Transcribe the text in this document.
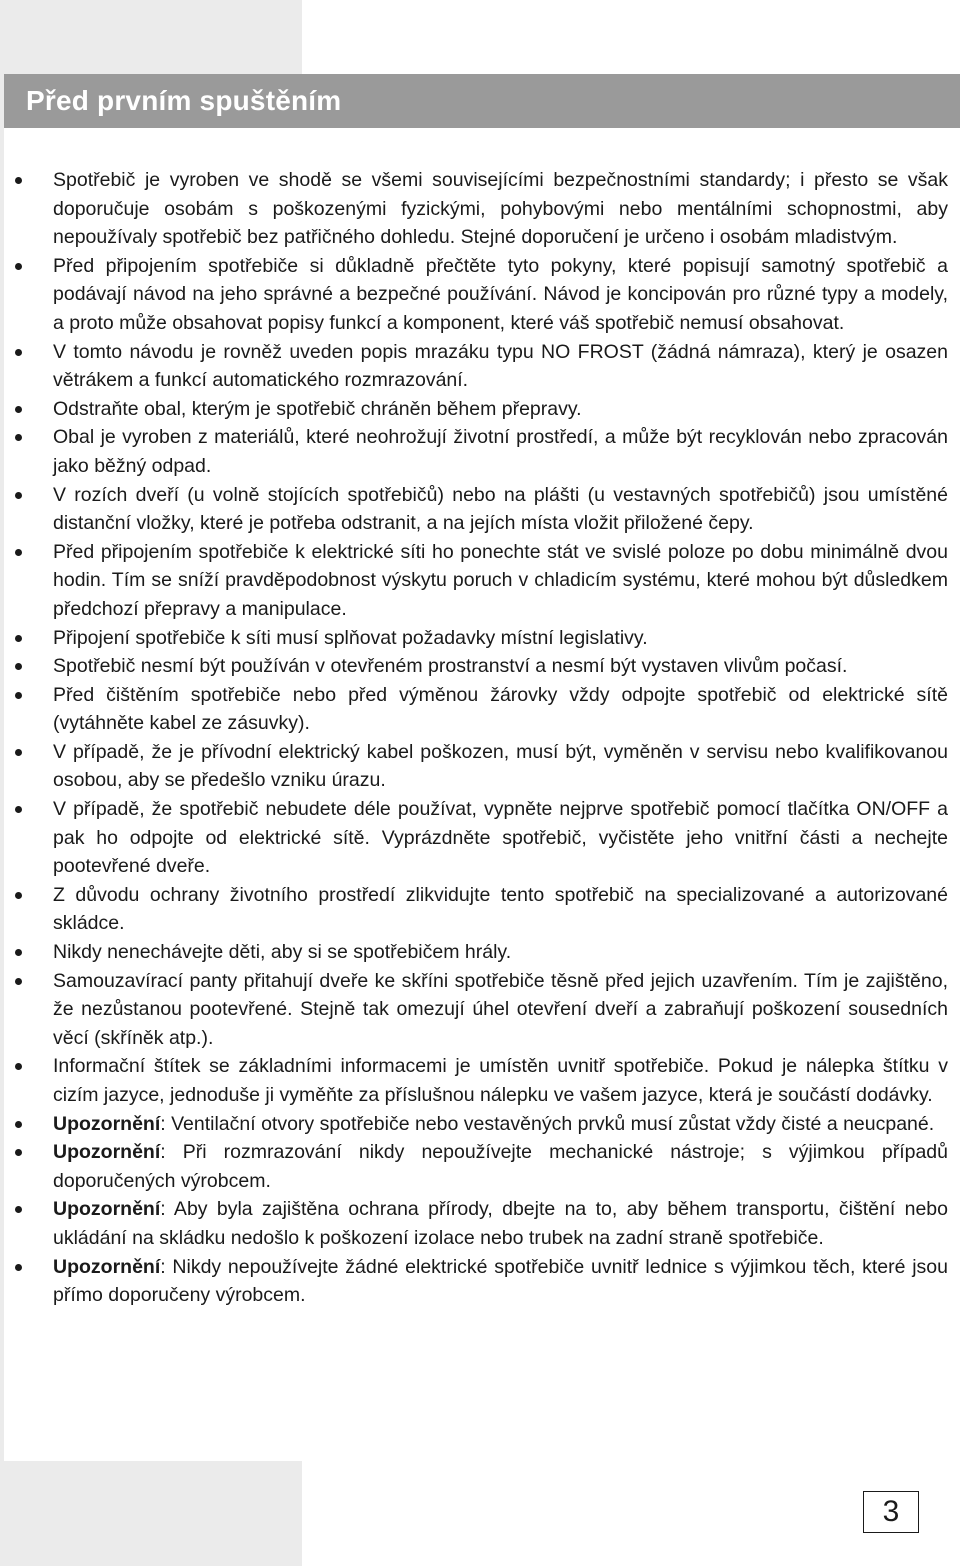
Před prvním spuštěním
Spotřebič je vyroben ve shodě se všemi souvisejícími bezpečnostními standardy; i přesto se však doporučuje osobám s poškozenými fyzickými, pohybovými nebo mentálními schopnostmi, aby nepoužívaly spotřebič bez patřičného dohledu. Stejné doporučení je určeno i osobám mladistvým.
Před připojením spotřebiče si důkladně přečtěte tyto pokyny, které popisují samotný spotřebič a podávají návod na jeho správné a bezpečné používání. Návod je koncipován pro různé typy a modely, a proto může obsahovat popisy funkcí a komponent, které váš spotřebič nemusí obsahovat.
V tomto návodu je rovněž uveden popis mrazáku typu NO FROST (žádná námraza), který je osazen větrákem a funkcí automatického rozmrazování.
Odstraňte obal, kterým je spotřebič chráněn během přepravy.
Obal je vyroben z materiálů, které neohrožují životní prostředí, a může být recyklován nebo zpracován jako běžný odpad.
V rozích dveří (u volně stojících spotřebičů) nebo na plášti (u vestavných spotřebičů) jsou umístěné distanční vložky, které je potřeba odstranit, a na jejích místa vložit přiložené čepy.
Před připojením spotřebiče k elektrické síti ho ponechte stát ve svislé poloze po dobu minimálně dvou hodin. Tím se sníží pravděpodobnost výskytu poruch v chladicím systému, které mohou být důsledkem předchozí přepravy a manipulace.
Připojení spotřebiče k síti musí splňovat požadavky místní legislativy.
Spotřebič nesmí být používán v otevřeném prostranství a nesmí být vystaven vlivům počasí.
Před čištěním spotřebiče nebo před výměnou žárovky vždy odpojte spotřebič od elektrické sítě (vytáhněte kabel ze zásuvky).
V případě, že je přívodní elektrický kabel poškozen, musí být, vyměněn v servisu nebo kvalifikovanou osobou, aby se předešlo vzniku úrazu.
V případě, že spotřebič nebudete déle používat, vypněte nejprve spotřebič pomocí tlačítka ON/OFF a pak ho odpojte od elektrické sítě. Vyprázdněte spotřebič, vyčistěte jeho vnitřní části a nechejte pootevřené dveře.
Z důvodu ochrany životního prostředí zlikvidujte tento spotřebič na specializované a autorizované skládce.
Nikdy nenechávejte děti, aby si se spotřebičem hrály.
Samouzavírací panty přitahují dveře ke skříni spotřebiče těsně před jejich uzavřením. Tím je zajištěno, že nezůstanou pootevřené. Stejně tak omezují úhel otevření dveří a zabraňují poškození sousedních věcí (skříněk atp.).
Informační štítek se základními informacemi je umístěn uvnitř spotřebiče. Pokud je nálepka štítku v cizím jazyce, jednoduše ji vyměňte za příslušnou nálepku ve vašem jazyce, která je součástí dodávky.
Upozornění: Ventilační otvory spotřebiče nebo vestavěných prvků musí zůstat vždy čisté a neucpané.
Upozornění: Při rozmrazování nikdy nepoužívejte mechanické nástroje; s výjimkou případů doporučených výrobcem.
Upozornění: Aby byla zajištěna ochrana přírody, dbejte na to, aby během transportu, čištění nebo ukládání na skládku nedošlo k poškození izolace nebo trubek na zadní straně spotřebiče.
Upozornění: Nikdy nepoužívejte žádné elektrické spotřebiče uvnitř lednice s výjimkou těch, které jsou přímo doporučeny výrobcem.
3
